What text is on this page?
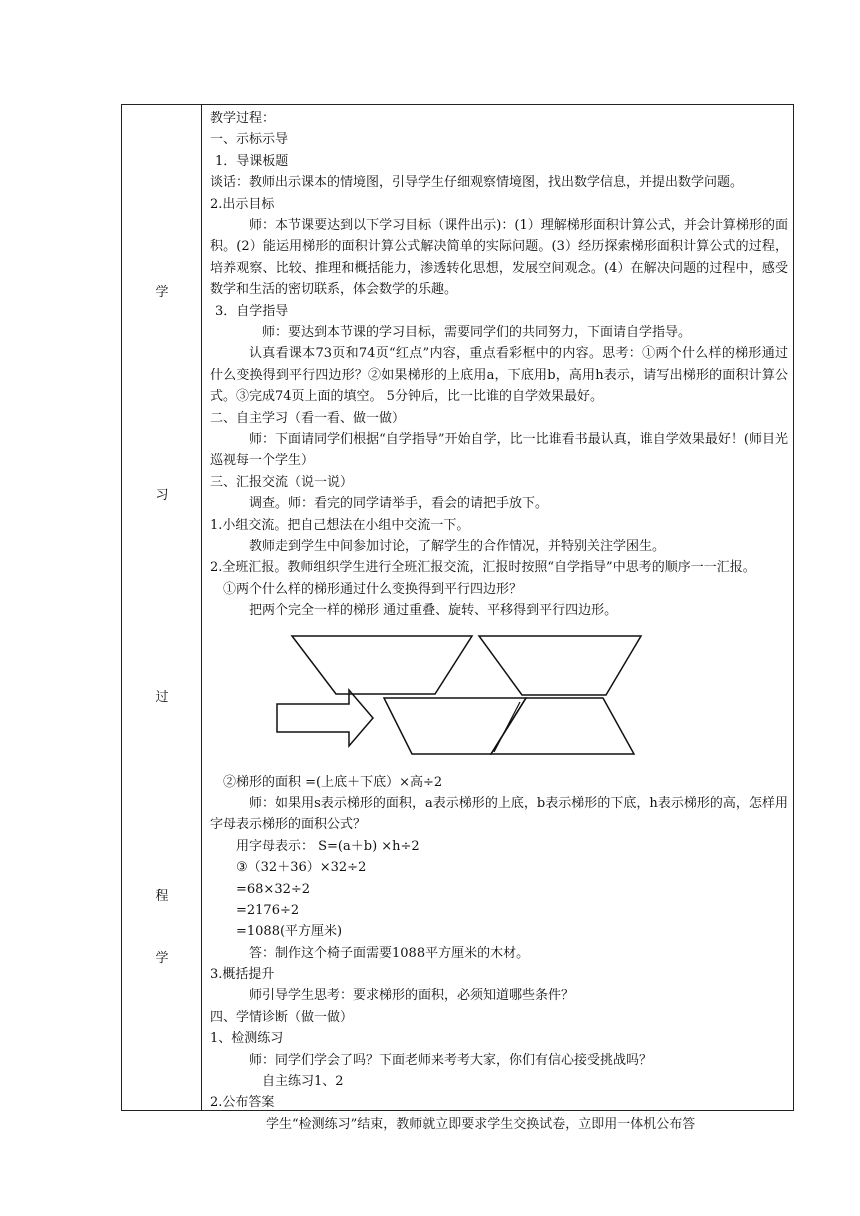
学
习
过
程
学
教学过程：
一、示标示导
1．导课板题
谈话：教师出示课本的情境图，引导学生仔细观察情境图，找出数学信息，并提出数学问题。
2.出示目标
师：本节课要达到以下学习目标（课件出示)：(1）理解梯形面积计算公式，并会计算梯形的面积。(2）能运用梯形的面积计算公式解决简单的实际问题。(3）经历探索梯形面积计算公式的过程，培养观察、比较、推理和概括能力，渗透转化思想，发展空间观念。(4）在解决问题的过程中，感受数学和生活的密切联系，体会数学的乐趣。
3．自学指导
师：要达到本节课的学习目标，需要同学们的共同努力，下面请自学指导。
认真看课本73页和74页“红点”内容，重点看彩框中的内容。思考：①两个什么样的梯形通过什么变换得到平行四边形？②如果梯形的上底用a，下底用b，高用h表示，请写出梯形的面积计算公式。③完成74页上面的填空。 5分钟后，比一比谁的自学效果最好。
二、自主学习（看一看、做一做）
师：下面请同学们根据“自学指导”开始自学，比一比谁看书最认真，谁自学效果最好！(师目光巡视每一个学生）
三、汇报交流（说一说）
调查。师：看完的同学请举手，看会的请把手放下。
1.小组交流。把自己想法在小组中交流一下。
教师走到学生中间参加讨论，了解学生的合作情况，并特别关注学困生。
2.全班汇报。教师组织学生进行全班汇报交流，汇报时按照“自学指导”中思考的顺序一一汇报。
①两个什么样的梯形通过什么变换得到平行四边形？
把两个完全一样的梯形 通过重叠、旋转、平移得到平行四边形。
②梯形的面积 =(上底＋下底）×高÷2
师：如果用s表示梯形的面积，a表示梯形的上底，b表示梯形的下底，h表示梯形的高，怎样用字母表示梯形的面积公式？
用字母表示： S=(a＋b) ×h÷2
③（32＋36）×32÷2
=68×32÷2
=2176÷2
=1088(平方厘米)
答：制作这个椅子面需要1088平方厘米的木材。
3.概括提升
师引导学生思考：要求梯形的面积，必须知道哪些条件？
四、学情诊断（做一做）
1、检测练习
师：同学们学会了吗？下面老师来考考大家，你们有信心接受挑战吗？
自主练习1、2
2.公布答案
学生“检测练习”结束，教师就立即要求学生交换试卷，立即用一体机公布答
